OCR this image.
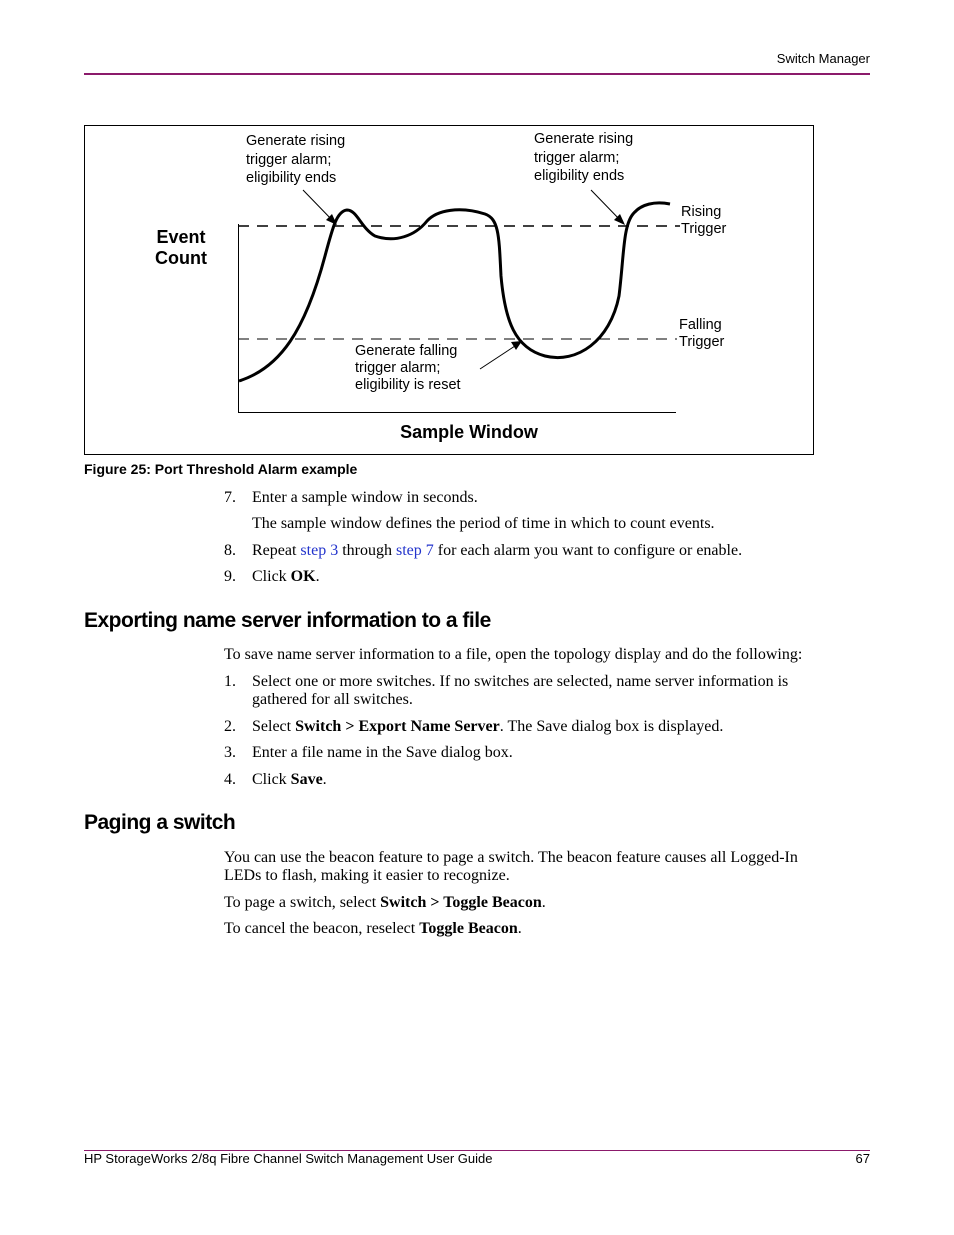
Switch Manager
Generate rising
trigger alarm;
eligibility ends
Generate rising
trigger alarm;
eligibility ends
Generate falling
trigger alarm;
eligibility is reset
Rising
Trigger
Falling
Trigger
Event
Count
Sample Window
Figure 25: Port Threshold Alarm example
7. Enter a sample window in seconds.
The sample window defines the period of time in which to count events.
8. Repeat step 3 through step 7 for each alarm you want to configure or enable.
9. Click OK.
Exporting name server information to a file
To save name server information to a file, open the topology display and do the following:
1. Select one or more switches. If no switches are selected, name server information is
gathered for all switches.
2. Select Switch > Export Name Server. The Save dialog box is displayed.
3. Enter a file name in the Save dialog box.
4. Click Save.
Paging a switch
You can use the beacon feature to page a switch. The beacon feature causes all Logged-In
LEDs to flash, making it easier to recognize.
To page a switch, select Switch > Toggle Beacon.
To cancel the beacon, reselect Toggle Beacon.
HP StorageWorks 2/8q Fibre Channel Switch Management User Guide	67
